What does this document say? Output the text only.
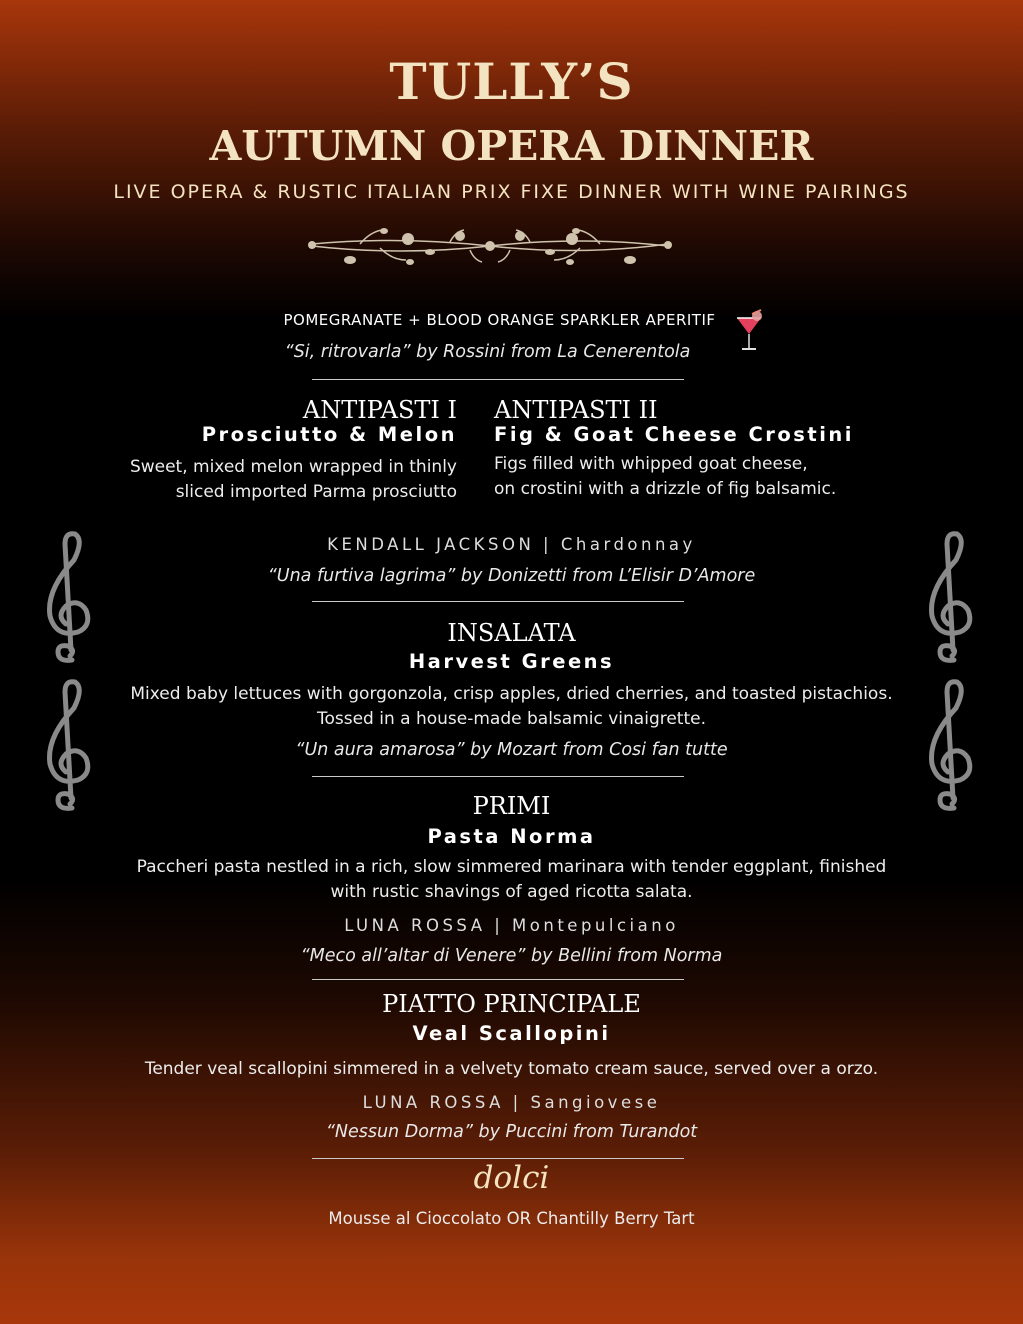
TULLY’S
AUTUMN OPERA DINNER
LIVE OPERA & RUSTIC ITALIAN PRIX FIXE DINNER WITH WINE PAIRINGS
POMEGRANATE + BLOOD ORANGE SPARKLER APERITIF
“Si, ritrovarla” by Rossini from La Cenerentola
ANTIPASTI I
Prosciutto & Melon
Sweet, mixed melon wrapped in thinly
sliced imported Parma prosciutto
ANTIPASTI II
Fig & Goat Cheese Crostini
Figs filled with whipped goat cheese,
on crostini with a drizzle of fig balsamic.
KENDALL JACKSON | Chardonnay
“Una furtiva lagrima” by Donizetti from L’Elisir D’Amore
INSALATA
Harvest Greens
Mixed baby lettuces with gorgonzola, crisp apples, dried cherries, and toasted pistachios.
Tossed in a house-made balsamic vinaigrette.
“Un aura amarosa” by Mozart from Cosi fan tutte
PRIMI
Pasta Norma
Paccheri pasta nestled in a rich, slow simmered marinara with tender eggplant, finished
with rustic shavings of aged ricotta salata.
LUNA ROSSA | Montepulciano
“Meco all’altar di Venere” by Bellini from Norma
PIATTO PRINCIPALE
Veal Scallopini
Tender veal scallopini simmered in a velvety tomato cream sauce, served over a orzo.
LUNA ROSSA | Sangiovese
“Nessun Dorma” by Puccini from Turandot
dolci
Mousse al Cioccolato OR Chantilly Berry Tart
